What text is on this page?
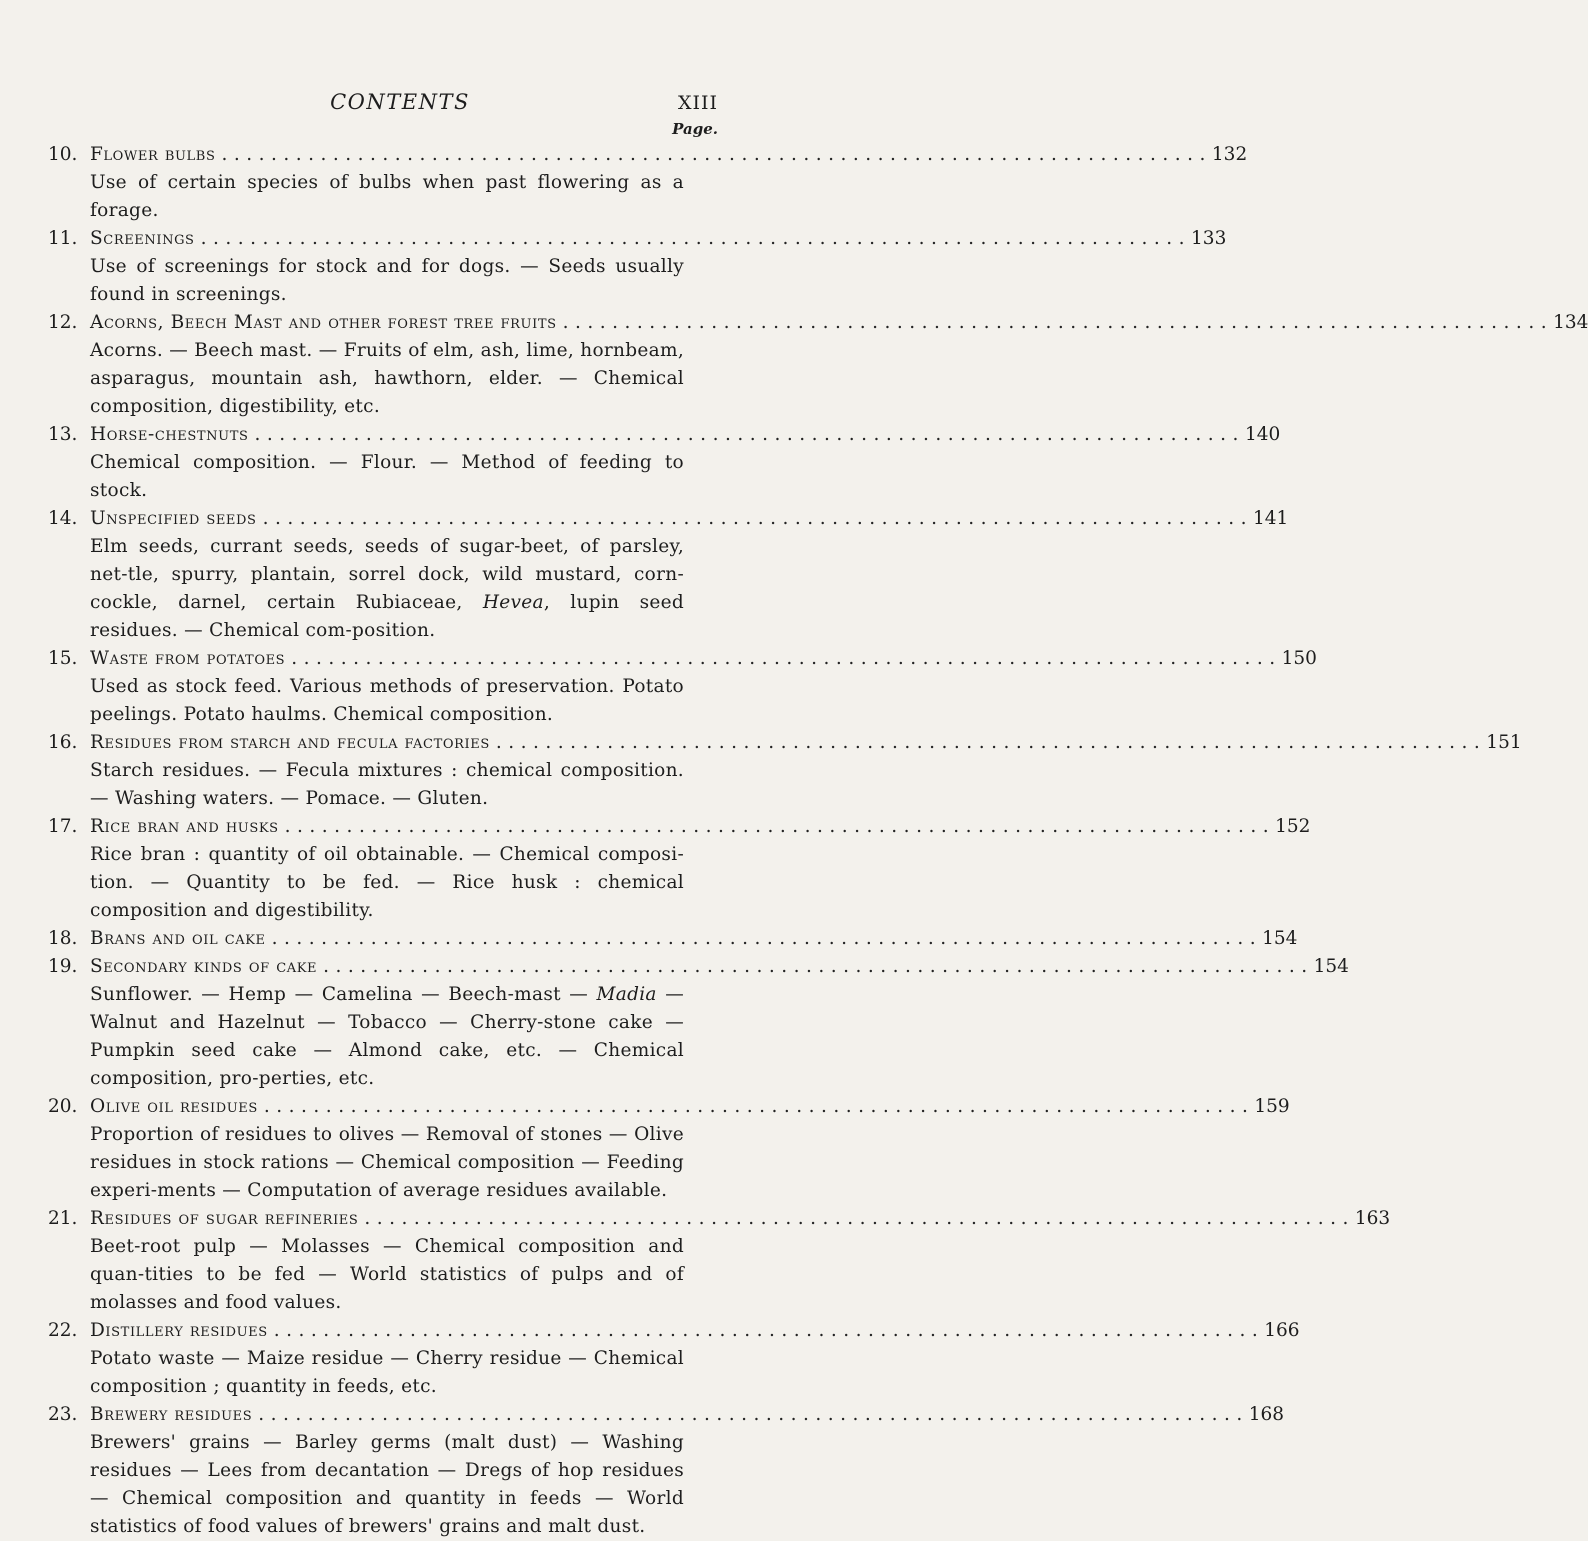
CONTENTS	XIII
Page.
10. Flower bulbs ................................................................................ 132
Use of certain species of bulbs when past flowering as a forage.
11. Screenings ................................................................................ 133
Use of screenings for stock and for dogs. — Seeds usually found in screenings.
12. Acorns, Beech Mast and other forest tree fruits ................................................................................ 134
Acorns. — Beech mast. — Fruits of elm, ash, lime, hornbeam, asparagus, mountain ash, hawthorn, elder. — Chemical composition, digestibility, etc.
13. Horse-chestnuts ................................................................................ 140
Chemical composition. — Flour. — Method of feeding to stock.
14. Unspecified seeds ................................................................................ 141
Elm seeds, currant seeds, seeds of sugar-beet, of parsley, net-tle, spurry, plantain, sorrel dock, wild mustard, corn-cockle, darnel, certain Rubiaceae, Hevea, lupin seed residues. — Chemical com-position.
15. Waste from potatoes ................................................................................ 150
Used as stock feed. Various methods of preservation. Potato peelings. Potato haulms. Chemical composition.
16. Residues from starch and fecula factories ................................................................................ 151
Starch residues. — Fecula mixtures : chemical composition. — Washing waters. — Pomace. — Gluten.
17. Rice bran and husks ................................................................................ 152
Rice bran : quantity of oil obtainable. — Chemical composi-tion. — Quantity to be fed. — Rice husk : chemical composition and digestibility.
18. Brans and oil cake ................................................................................ 154
19. Secondary kinds of cake ................................................................................ 154
Sunflower. — Hemp — Camelina — Beech-mast — Madia — Walnut and Hazelnut — Tobacco — Cherry-stone cake — Pumpkin seed cake — Almond cake, etc. — Chemical composition, pro-perties, etc.
20. Olive oil residues ................................................................................ 159
Proportion of residues to olives — Removal of stones — Olive residues in stock rations — Chemical composition — Feeding experi-ments — Computation of average residues available.
21. Residues of sugar refineries ................................................................................ 163
Beet-root pulp — Molasses — Chemical composition and quan-tities to be fed — World statistics of pulps and of molasses and food values.
22. Distillery residues ................................................................................ 166
Potato waste — Maize residue — Cherry residue — Chemical composition ; quantity in feeds, etc.
23. Brewery residues ................................................................................ 168
Brewers' grains — Barley germs (malt dust) — Washing residues — Lees from decantation — Dregs of hop residues — Chemical composition and quantity in feeds — World statistics of food values of brewers' grains and malt dust.
